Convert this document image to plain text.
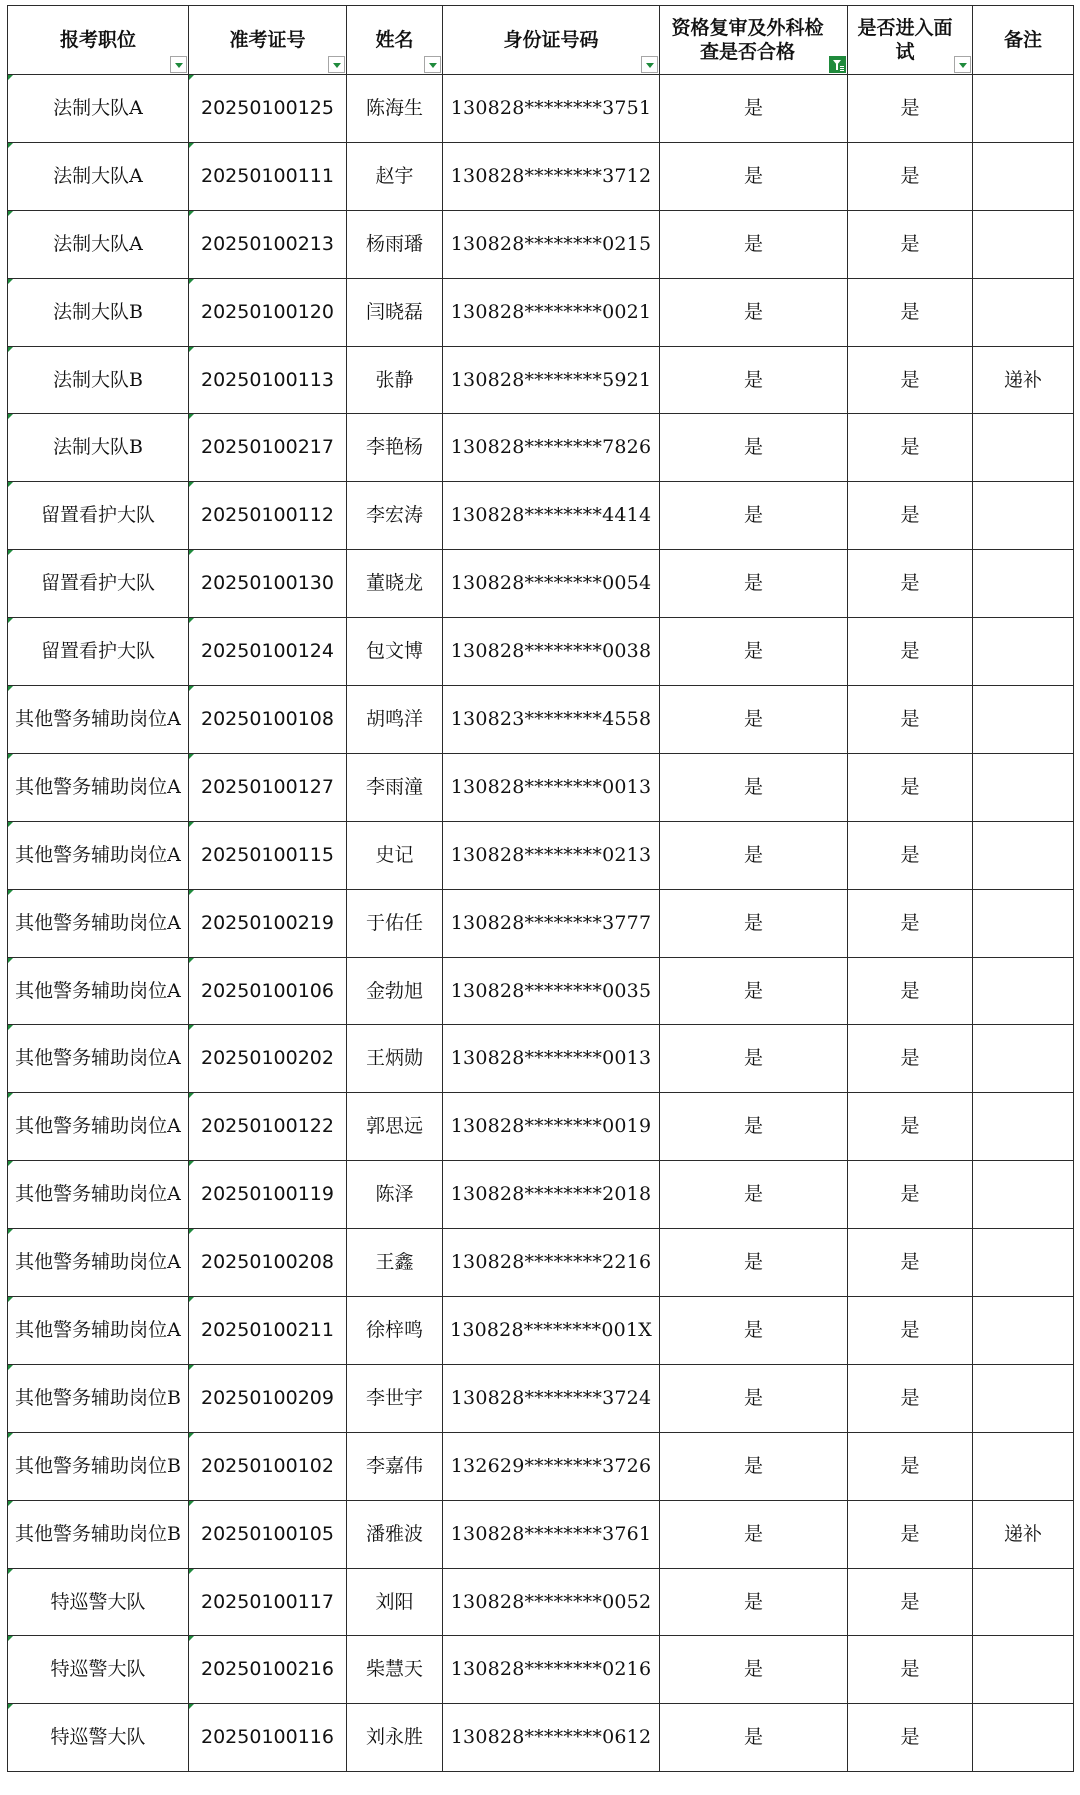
报考职位	准考证号	姓名	身份证号码	资格复审及外科检查是否合格	是否进入面试	备注

法制大队A	20250100125	陈海生	130828********3751	是	是	

法制大队A	20250100111	赵宇	130828********3712	是	是	

法制大队A	20250100213	杨雨璠	130828********0215	是	是	

法制大队B	20250100120	闫晓磊	130828********0021	是	是	

法制大队B	20250100113	张静	130828********5921	是	是	递补

法制大队B	20250100217	李艳杨	130828********7826	是	是	

留置看护大队	20250100112	李宏涛	130828********4414	是	是	

留置看护大队	20250100130	董晓龙	130828********0054	是	是	

留置看护大队	20250100124	包文博	130828********0038	是	是	

其他警务辅助岗位A	20250100108	胡鸣洋	130823********4558	是	是	

其他警务辅助岗位A	20250100127	李雨潼	130828********0013	是	是	

其他警务辅助岗位A	20250100115	史记	130828********0213	是	是	

其他警务辅助岗位A	20250100219	于佑任	130828********3777	是	是	

其他警务辅助岗位A	20250100106	金勃旭	130828********0035	是	是	

其他警务辅助岗位A	20250100202	王炳勋	130828********0013	是	是	

其他警务辅助岗位A	20250100122	郭思远	130828********0019	是	是	

其他警务辅助岗位A	20250100119	陈泽	130828********2018	是	是	

其他警务辅助岗位A	20250100208	王鑫	130828********2216	是	是	

其他警务辅助岗位A	20250100211	徐梓鸣	130828********001X	是	是	

其他警务辅助岗位B	20250100209	李世宇	130828********3724	是	是	

其他警务辅助岗位B	20250100102	李嘉伟	132629********3726	是	是	

其他警务辅助岗位B	20250100105	潘雅波	130828********3761	是	是	递补

特巡警大队	20250100117	刘阳	130828********0052	是	是	

特巡警大队	20250100216	柴慧天	130828********0216	是	是	

特巡警大队	20250100116	刘永胜	130828********0612	是	是	
